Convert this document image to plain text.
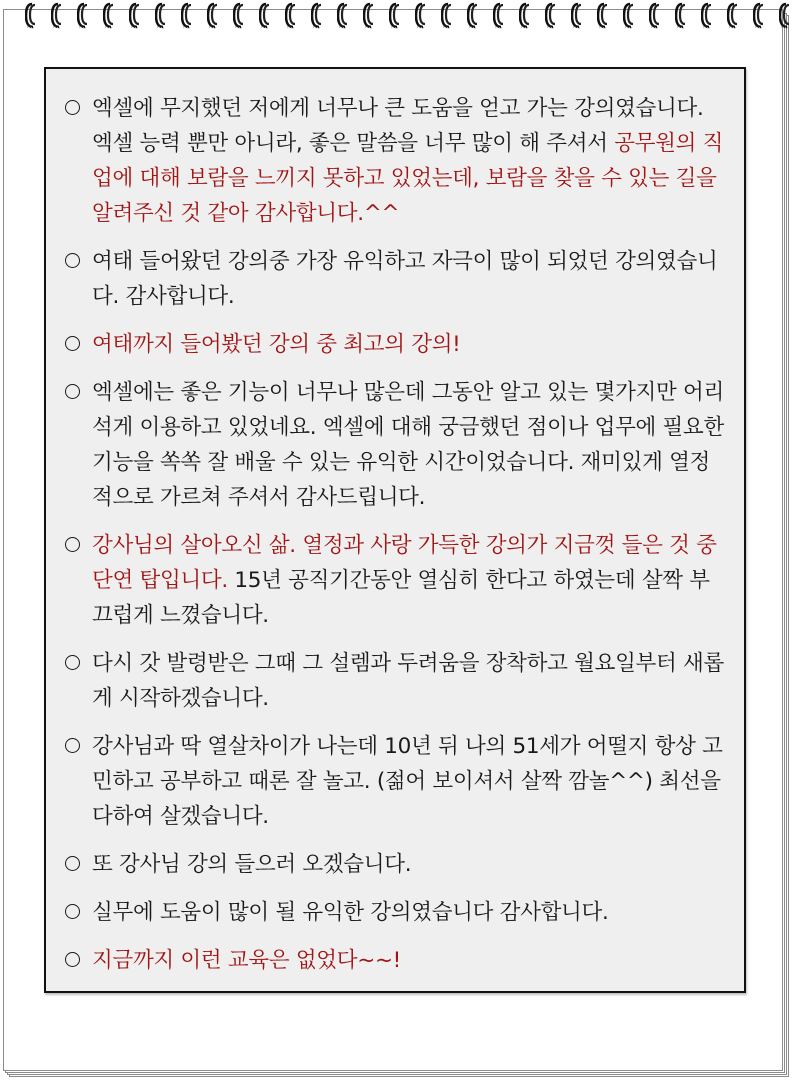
엑셀에 무지했던 저에게 너무나 큰 도움을 얻고 가는 강의였습니다. 엑셀 능력 뿐만 아니라, 좋은 말씀을 너무 많이 해 주셔서 공무원의 직업에 대해 보람을 느끼지 못하고 있었는데, 보람을 찾을 수 있는 길을 알려주신 것 같아 감사합니다.^^
여태 들어왔던 강의중 가장 유익하고 자극이 많이 되었던 강의였습니다. 감사합니다.
여태까지 들어봤던 강의 중 최고의 강의!
엑셀에는 좋은 기능이 너무나 많은데 그동안 알고 있는 몇가지만 어리석게 이용하고 있었네요. 엑셀에 대해 궁금했던 점이나 업무에 필요한 기능을 쏙쏙 잘 배울 수 있는 유익한 시간이었습니다. 재미있게 열정적으로 가르쳐 주셔서 감사드립니다.
강사님의 살아오신 삶. 열정과 사랑 가득한 강의가 지금껏 들은 것 중 단연 탑입니다. 15년 공직기간동안 열심히 한다고 하였는데 살짝 부끄럽게 느꼈습니다.
다시 갓 발령받은 그때 그 설렘과 두려움을 장착하고 월요일부터 새롭게 시작하겠습니다.
강사님과 딱 열살차이가 나는데 10년 뒤 나의 51세가 어떨지 항상 고민하고 공부하고 때론 잘 놀고. (젊어 보이셔서 살짝 깜놀^^) 최선을 다하여 살겠습니다.
또 강사님 강의 들으러 오겠습니다.
실무에 도움이 많이 될 유익한 강의였습니다 감사합니다.
지금까지 이런 교육은 없었다~~!
